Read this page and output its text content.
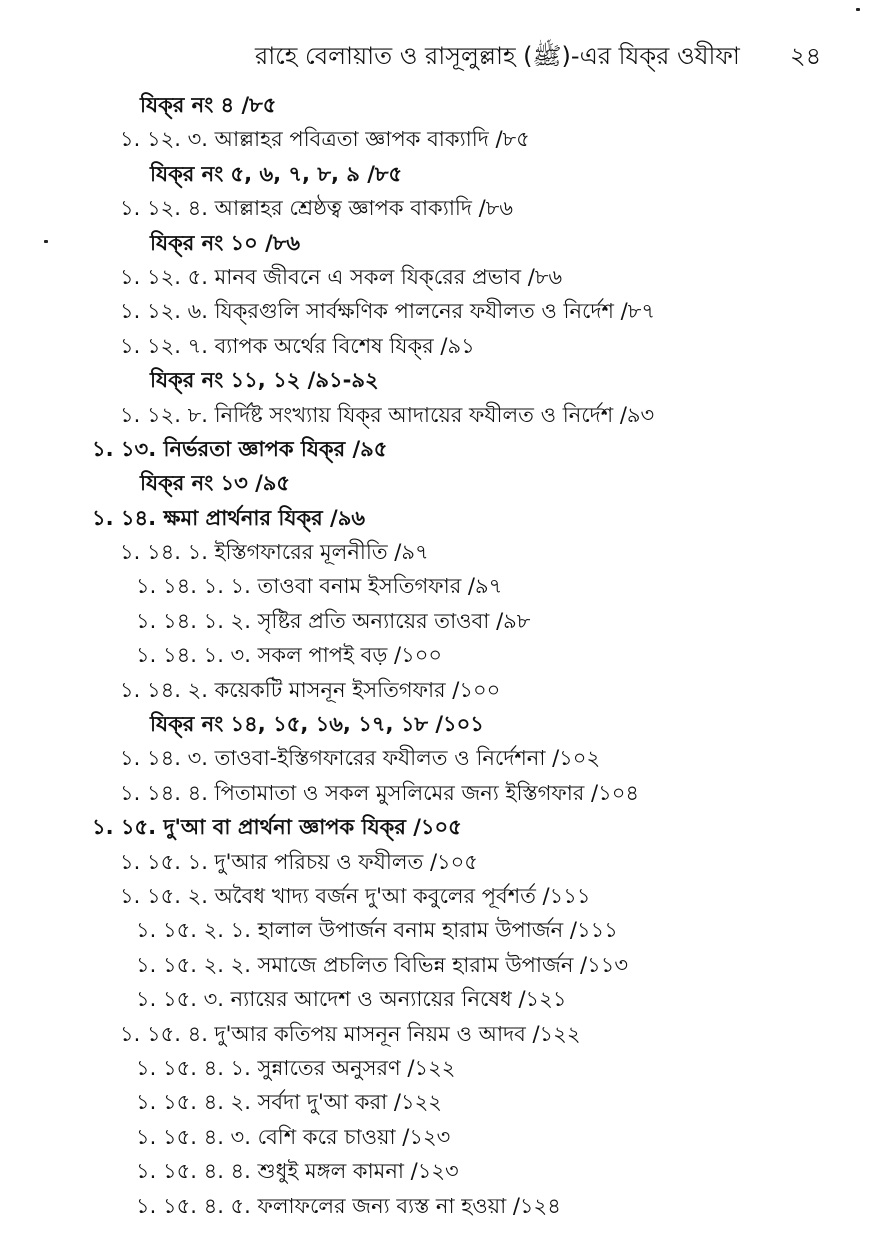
রাহে বেলায়াত ও রাসূলুল্লাহ (ﷺ)-এর যিক্‌র ওযীফা ২৪
যিক্‌র নং ৪ /৮৫
১. ১২. ৩. আল্লাহর পবিত্রতা জ্ঞাপক বাক্যাদি /৮৫
যিক্‌র নং ৫, ৬, ৭, ৮, ৯ /৮৫
১. ১২. ৪. আল্লাহর শ্রেষ্ঠত্ব জ্ঞাপক বাক্যাদি /৮৬
যিক্‌র নং ১০ /৮৬
১. ১২. ৫. মানব জীবনে এ সকল যিক্‌রের প্রভাব /৮৬
১. ১২. ৬. যিক্‌রগুলি সার্বক্ষণিক পালনের ফযীলত ও নির্দেশ /৮৭
১. ১২. ৭. ব্যাপক অর্থের বিশেষ যিক্‌র /৯১
যিক্‌র নং ১১, ১২ /৯১-৯২
১. ১২. ৮. নির্দিষ্ট সংখ্যায় যিক্‌র আদায়ের ফযীলত ও নির্দেশ /৯৩
১. ১৩. নির্ভরতা জ্ঞাপক যিক্‌র /৯৫
যিক্‌র নং ১৩ /৯৫
১. ১৪. ক্ষমা প্রার্থনার যিক্‌র /৯৬
১. ১৪. ১. ইস্তিগফারের মূলনীতি /৯৭
১. ১৪. ১. ১. তাওবা বনাম ইসতিগফার /৯৭
১. ১৪. ১. ২. সৃষ্টির প্রতি অন্যায়ের তাওবা /৯৮
১. ১৪. ১. ৩. সকল পাপই বড় /১০০
১. ১৪. ২. কয়েকটি মাসনূন ইসতিগফার /১০০
যিক্‌র নং ১৪, ১৫, ১৬, ১৭, ১৮ /১০১
১. ১৪. ৩. তাওবা-ইস্তিগফারের ফযীলত ও নির্দেশনা /১০২
১. ১৪. ৪. পিতামাতা ও সকল মুসলিমের জন্য ইস্তিগফার /১০৪
১. ১৫. দু'আ বা প্রার্থনা জ্ঞাপক যিক্‌র /১০৫
১. ১৫. ১. দু'আর পরিচয় ও ফযীলত /১০৫
১. ১৫. ২. অবৈধ খাদ্য বর্জন দু'আ কবুলের পূর্বশর্ত /১১১
১. ১৫. ২. ১. হালাল উপার্জন বনাম হারাম উপার্জন /১১১
১. ১৫. ২. ২. সমাজে প্রচলিত বিভিন্ন হারাম উপার্জন /১১৩
১. ১৫. ৩. ন্যায়ের আদেশ ও অন্যায়ের নিষেধ /১২১
১. ১৫. ৪. দু'আর কতিপয় মাসনূন নিয়ম ও আদব /১২২
১. ১৫. ৪. ১. সুন্নাতের অনুসরণ /১২২
১. ১৫. ৪. ২. সর্বদা দু'আ করা /১২২
১. ১৫. ৪. ৩. বেশি করে চাওয়া /১২৩
১. ১৫. ৪. ৪. শুধুই মঙ্গল কামনা /১২৩
১. ১৫. ৪. ৫. ফলাফলের জন্য ব্যস্ত না হওয়া /১২৪
